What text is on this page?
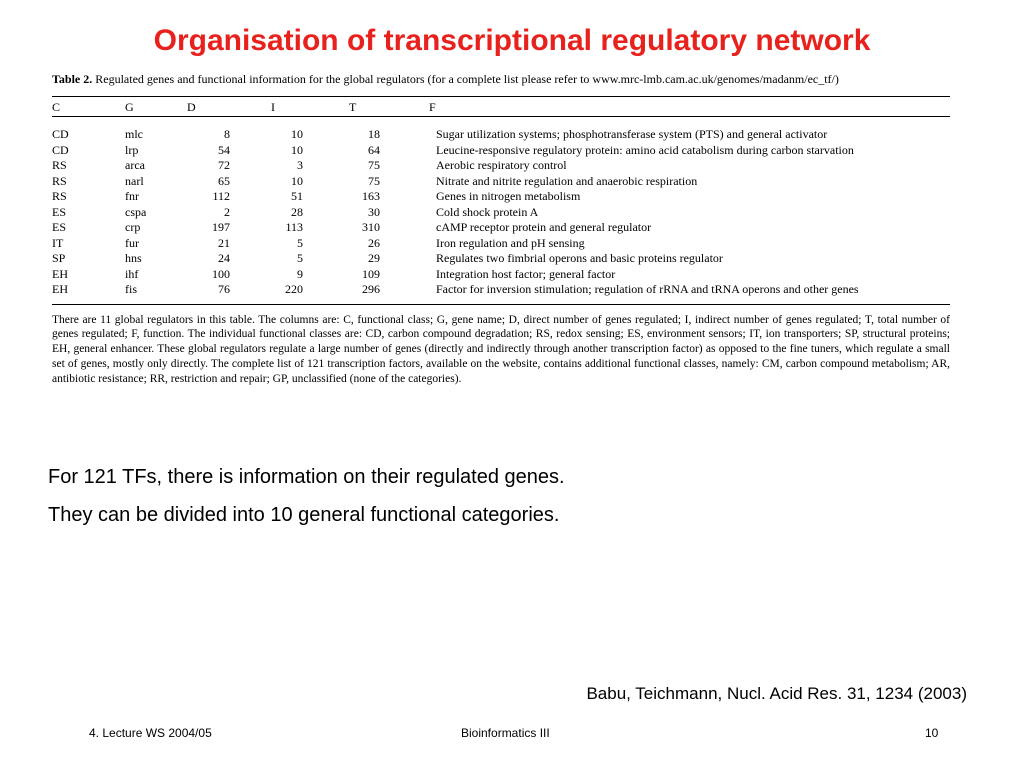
Organisation of transcriptional regulatory network
Table 2. Regulated genes and functional information for the global regulators (for a complete list please refer to www.mrc-lmb.cam.ac.uk/genomes/madanm/ec_tf/)
C	G	D	I	T	F
CD	mlc	8	10	18	Sugar utilization systems; phosphotransferase system (PTS) and general activator
CD	lrp	54	10	64	Leucine-responsive regulatory protein: amino acid catabolism during carbon starvation
RS	arca	72	3	75	Aerobic respiratory control
RS	narl	65	10	75	Nitrate and nitrite regulation and anaerobic respiration
RS	fnr	112	51	163	Genes in nitrogen metabolism
ES	cspa	2	28	30	Cold shock protein A
ES	crp	197	113	310	cAMP receptor protein and general regulator
IT	fur	21	5	26	Iron regulation and pH sensing
SP	hns	24	5	29	Regulates two fimbrial operons and basic proteins regulator
EH	ihf	100	9	109	Integration host factor; general factor
EH	fis	76	220	296	Factor for inversion stimulation; regulation of rRNA and tRNA operons and other genes
There are 11 global regulators in this table. The columns are: C, functional class; G, gene name; D, direct number of genes regulated; I, indirect number of genes regulated; T, total number of genes regulated; F, function. The individual functional classes are: CD, carbon compound degradation; RS, redox sensing; ES, environment sensors; IT, ion transporters; SP, structural proteins; EH, general enhancer. These global regulators regulate a large number of genes (directly and indirectly through another transcription factor) as opposed to the fine tuners, which regulate a small set of genes, mostly only directly. The complete list of 121 transcription factors, available on the website, contains additional functional classes, namely: CM, carbon compound metabolism; AR, antibiotic resistance; RR, restriction and repair; GP, unclassified (none of the categories).
For 121 TFs, there is information on their regulated genes.
They can be divided into 10 general functional categories.
Babu, Teichmann, Nucl. Acid Res. 31, 1234 (2003)
4. Lecture WS 2004/05	Bioinformatics III	10
